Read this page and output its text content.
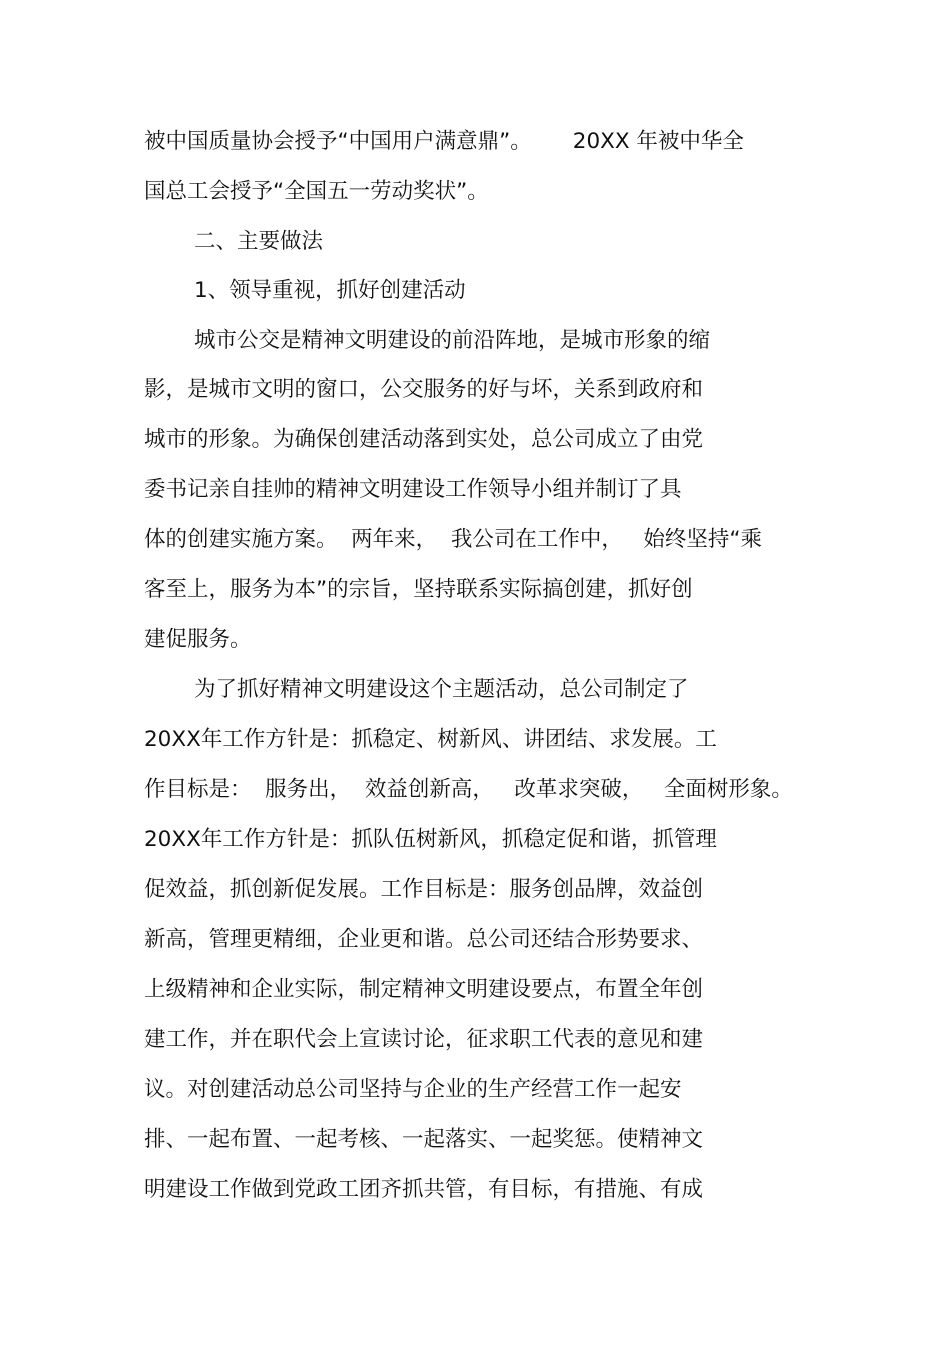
被中国质量协会授予“中国用户满意鼎”。      20XX 年被中华全

国总工会授予“全国五一劳动奖状”。

二、主要做法

1、领导重视，抓好创建活动

城市公交是精神文明建设的前沿阵地，是城市形象的缩

影，是城市文明的窗口，公交服务的好与坏，关系到政府和

城市的形象。为确保创建活动落到实处，总公司成立了由党

委书记亲自挂帅的精神文明建设工作领导小组并制订了具

体的创建实施方案。  两年来，  我公司在工作中，   始终坚持“乘

客至上，服务为本”的宗旨，坚持联系实际搞创建，抓好创

建促服务。

为了抓好精神文明建设这个主题活动，总公司制定了

20XX年工作方针是：抓稳定、树新风、讲团结、求发展。工

作目标是：  服务出，  效益创新高，   改革求突破，   全面树形象。

20XX年工作方针是：抓队伍树新风，抓稳定促和谐，抓管理

促效益，抓创新促发展。工作目标是：服务创品牌，效益创

新高，管理更精细，企业更和谐。总公司还结合形势要求、

上级精神和企业实际，制定精神文明建设要点，布置全年创

建工作，并在职代会上宣读讨论，征求职工代表的意见和建

议。对创建活动总公司坚持与企业的生产经营工作一起安

排、一起布置、一起考核、一起落实、一起奖惩。使精神文

明建设工作做到党政工团齐抓共管，有目标，有措施、有成
